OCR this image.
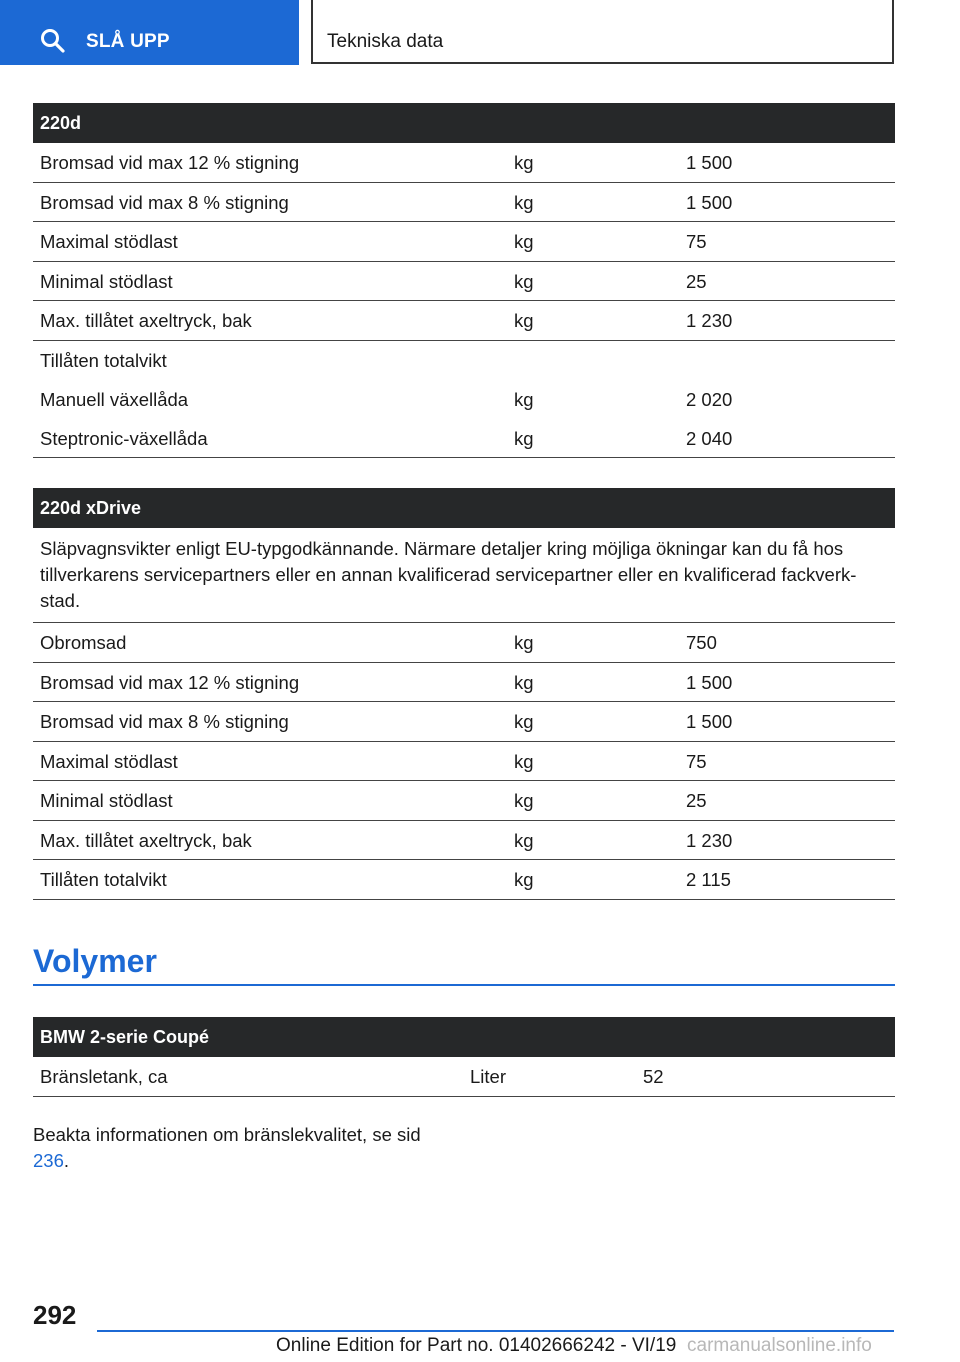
SLÅ UPP	Tekniska data
220d
Bromsad vid max 12 % stigning	kg	1 500
Bromsad vid max 8 % stigning	kg	1 500
Maximal stödlast	kg	75
Minimal stödlast	kg	25
Max. tillåtet axeltryck, bak	kg	1 230
Tillåten totalvikt
Manuell växellåda	kg	2 020
Steptronic-växellåda	kg	2 040
220d xDrive
Släpvagnsvikter enligt EU-typgodkännande. Närmare detaljer kring möjliga ökningar kan du få hos tillverkarens servicepartners eller en annan kvalificerad servicepartner eller en kvalificerad fackverkstad.
Obromsad	kg	750
Bromsad vid max 12 % stigning	kg	1 500
Bromsad vid max 8 % stigning	kg	1 500
Maximal stödlast	kg	75
Minimal stödlast	kg	25
Max. tillåtet axeltryck, bak	kg	1 230
Tillåten totalvikt	kg	2 115
Volymer
BMW 2-serie Coupé
Bränsletank, ca	Liter	52
Beakta informationen om bränslekvalitet, se sid 236.
292
Online Edition for Part no. 01402666242 - VI/19 carmanualsonline.info
